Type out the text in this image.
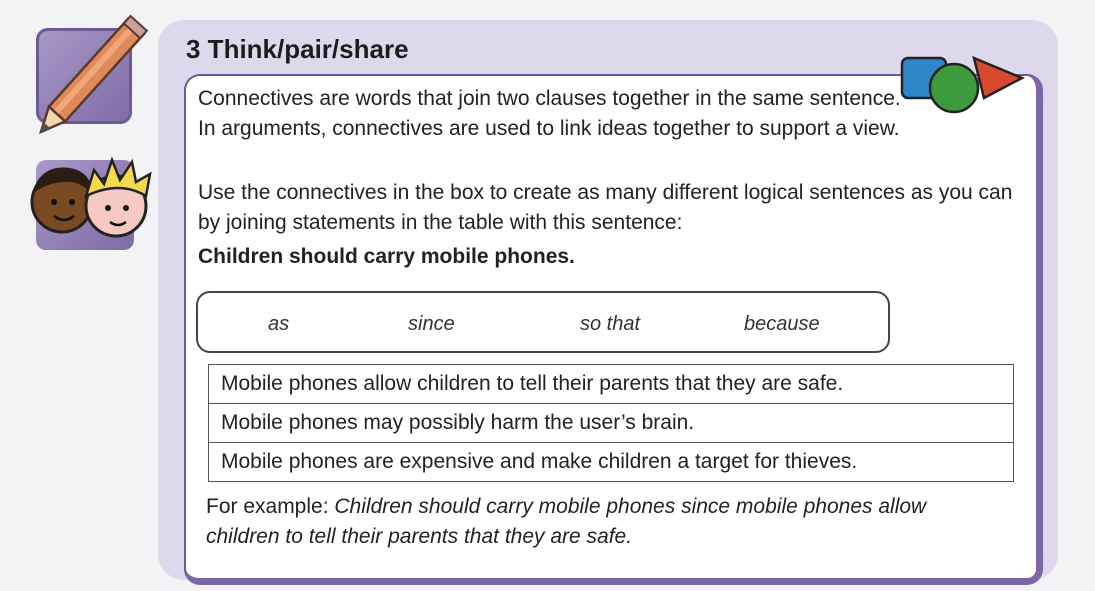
3 Think/pair/share

Connectives are words that join two clauses together in the same sentence. In arguments, connectives are used to link ideas together to support a view.

Use the connectives in the box to create as many different logical sentences as you can by joining statements in the table with this sentence:

Children should carry mobile phones.

as	since	so that	because
Mobile phones allow children to tell their parents that they are safe.
Mobile phones may possibly harm the user’s brain.
Mobile phones are expensive and make children a target for thieves.

For example: Children should carry mobile phones since mobile phones allow children to tell their parents that they are safe.
